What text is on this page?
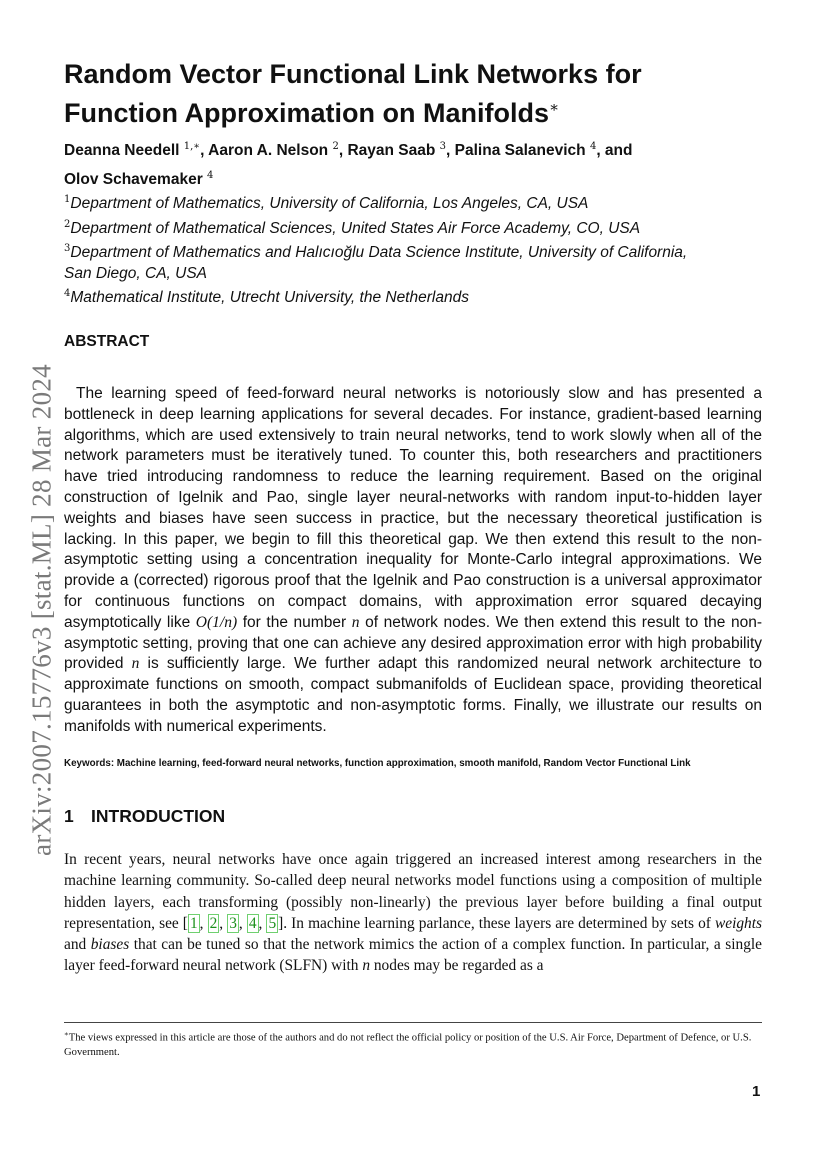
arXiv:2007.15776v3 [stat.ML] 28 Mar 2024
Random Vector Functional Link Networks for
Function Approximation on Manifolds∗
Deanna Needell $^{1,∗}$, Aaron A. Nelson $^2$, Rayan Saab $^3$, Palina Salanevich $^4$, and
Olov Schavemaker $^4$
$^1$Department of Mathematics, University of California, Los Angeles, CA, USA
$^2$Department of Mathematical Sciences, United States Air Force Academy, CO, USA
$^3$Department of Mathematics and Halıcıoğlu Data Science Institute, University of California, San Diego, CA, USA
$^4$Mathematical Institute, Utrecht University, the Netherlands
ABSTRACT

The learning speed of feed-forward neural networks is notoriously slow and has presented a bottleneck in deep learning applications for several decades. For instance, gradient-based learning algorithms, which are used extensively to train neural networks, tend to work slowly when all of the network parameters must be iteratively tuned. To counter this, both researchers and practitioners have tried introducing randomness to reduce the learning requirement. Based on the original construction of Igelnik and Pao, single layer neural-networks with random input-to-hidden layer weights and biases have seen success in practice, but the necessary theoretical justification is lacking. In this paper, we begin to fill this theoretical gap. We then extend this result to the non-asymptotic setting using a concentration inequality for Monte-Carlo integral approximations. We provide a (corrected) rigorous proof that the Igelnik and Pao construction is a universal approximator for continuous functions on compact domains, with approximation error squared decaying asymptotically like O(1/n) for the number n of network nodes. We then extend this result to the non-asymptotic setting, proving that one can achieve any desired approximation error with high probability provided n is sufficiently large. We further adapt this randomized neural network architecture to approximate functions on smooth, compact submanifolds of Euclidean space, providing theoretical guarantees in both the asymptotic and non-asymptotic forms. Finally, we illustrate our results on manifolds with numerical experiments.

Keywords: Machine learning, feed-forward neural networks, function approximation, smooth manifold, Random Vector Functional Link
1 INTRODUCTION

In recent years, neural networks have once again triggered an increased interest among researchers in the machine learning community. So-called deep neural networks model functions using a composition of multiple hidden layers, each transforming (possibly non-linearly) the previous layer before building a final output representation, see [ 1 , 2 , 3 , 4 , 5 ]. In machine learning parlance, these layers are determined by sets of weights and biases that can be tuned so that the network mimics the action of a complex function. In particular, a single layer feed-forward neural network (SLFN) with n nodes may be regarded as a

∗The views expressed in this article are those of the authors and do not reflect the official policy or position of the U.S. Air Force, Department of Defence, or U.S. Government.

1
